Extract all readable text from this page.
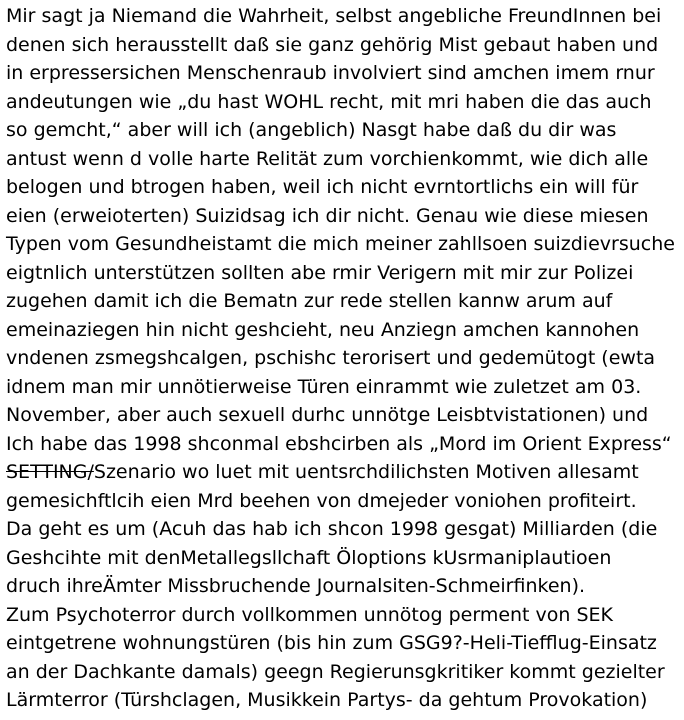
Mir sagt ja Niemand die Wahrheit, selbst angebliche FreundInnen bei
denen sich herausstellt daß sie ganz gehörig Mist gebaut haben und
in erpressersichen Menschenraub involviert sind amchen imem rnur
andeutungen wie „du hast WOHL recht, mit mri haben die das auch
so gemcht,“ aber will ich (angeblich) Nasgt habe daß du dir was
antust wenn d volle harte Relität zum vorchienkommt, wie dich alle
belogen und btrogen haben, weil ich nicht evrntortlichs ein will für
eien (erweioterten) Suizidsag ich dir nicht. Genau wie diese miesen
Typen vom Gesundheistamt die mich meiner zahllsoen suizdievrsuche
eigtnlich unterstützen sollten abe rmir Verigern mit mir zur Polizei
zugehen damit ich die Bematn zur rede stellen kannw arum auf
emeinaziegen hin nicht geshcieht, neu Anziegn amchen kannohen
vndenen zsmegshcalgen, pschishc terorisert und gedemütogt (ewta
idnem man mir unnötierweise Türen einrammt wie zuletzet am 03.
November, aber auch sexuell durhc unnötge Leisbtvistationen) und
Ich habe das 1998 shconmal ebshcirben als „Mord im Orient Express“
SETTING/Szenario wo luet mit uentsrchdilichsten Motiven allesamt
gemesichftlcih eien Mrd beehen von dmejeder voniohen profiteirt.
Da geht es um (Acuh das hab ich shcon 1998 gesgat) Milliarden (die
Geshcihte mit denMetallegsllchaft Öloptions kUsrmaniplautioen
druch ihreÄmter Missbruchende Journalsiten-Schmeirfinken).
Zum Psychoterror durch vollkommen unnötog perment von SEK
eintgetrene wohnungstüren (bis hin zum GSG9?-Heli-Tiefflug-Einsatz
an der Dachkante damals) geegn Regierunsgkritiker kommt gezielter
Lärmterror (Türshclagen, Musikkein Partys- da gehtum Provokation)
